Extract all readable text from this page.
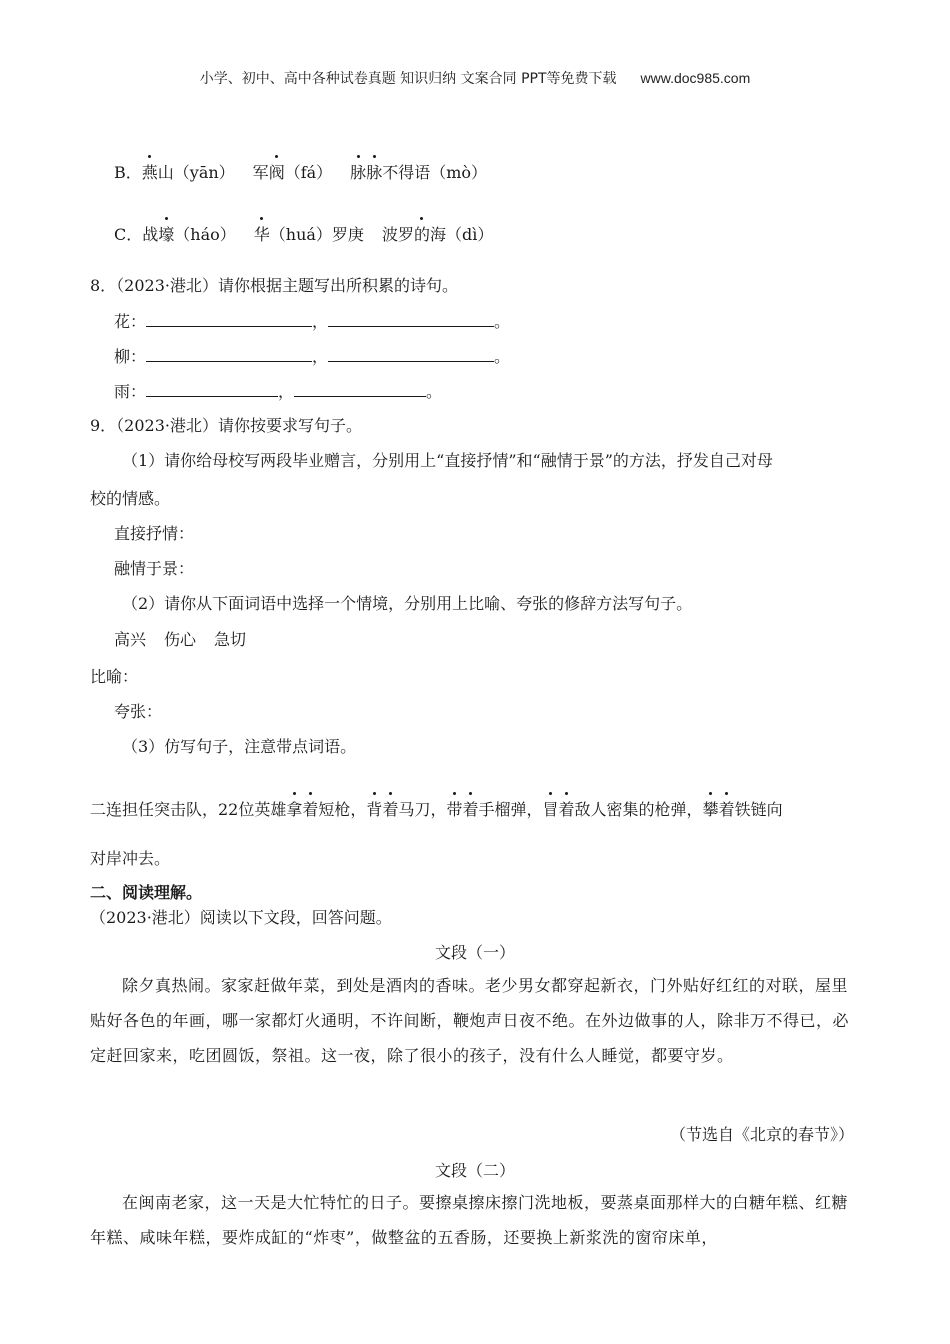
小学、初中、高中各种试卷真题 知识归纳 文案合同 PPT等免费下载 www.doc985.com
B．燕山（yān） 军阀（fá） 脉脉不得语（mò）
C．战壕（háo） 华（huá）罗庚 波罗的海（dì）
8．（2023·港北）请你根据主题写出所积累的诗句。
花：	，	。
柳：	，	。
雨：	，	。
9．（2023·港北）请你按要求写句子。
（1）请你给母校写两段毕业赠言，分别用上“直接抒情”和“融情于景”的方法，抒发自己对母
校的情感。
直接抒情：
融情于景：
（2）请你从下面词语中选择一个情境，分别用上比喻、夸张的修辞方法写句子。
高兴 伤心 急切
比喻：
夸张：
（3）仿写句子，注意带点词语。
二连担任突击队，22位英雄拿着短枪，背着马刀，带着手榴弹，冒着敌人密集的枪弹，攀着铁链向
对岸冲去。
二、阅读理解。
（2023·港北）阅读以下文段，回答问题。
文段（一）
除夕真热闹。家家赶做年菜，到处是酒肉的香味。老少男女都穿起新衣，门外贴好红红的对联，屋里贴好各色的年画，哪一家都灯火通明，不许间断，鞭炮声日夜不绝。在外边做事的人，除非万不得已，必定赶回家来，吃团圆饭，祭祖。这一夜，除了很小的孩子，没有什么人睡觉，都要守岁。
（节选自《北京的春节》）
文段（二）
在闽南老家，这一天是大忙特忙的日子。要擦桌擦床擦门洗地板，要蒸桌面那样大的白糖年糕、红糖年糕、咸味年糕，要炸成缸的“炸枣”，做整盆的五香肠，还要换上新浆洗的窗帘床单，
